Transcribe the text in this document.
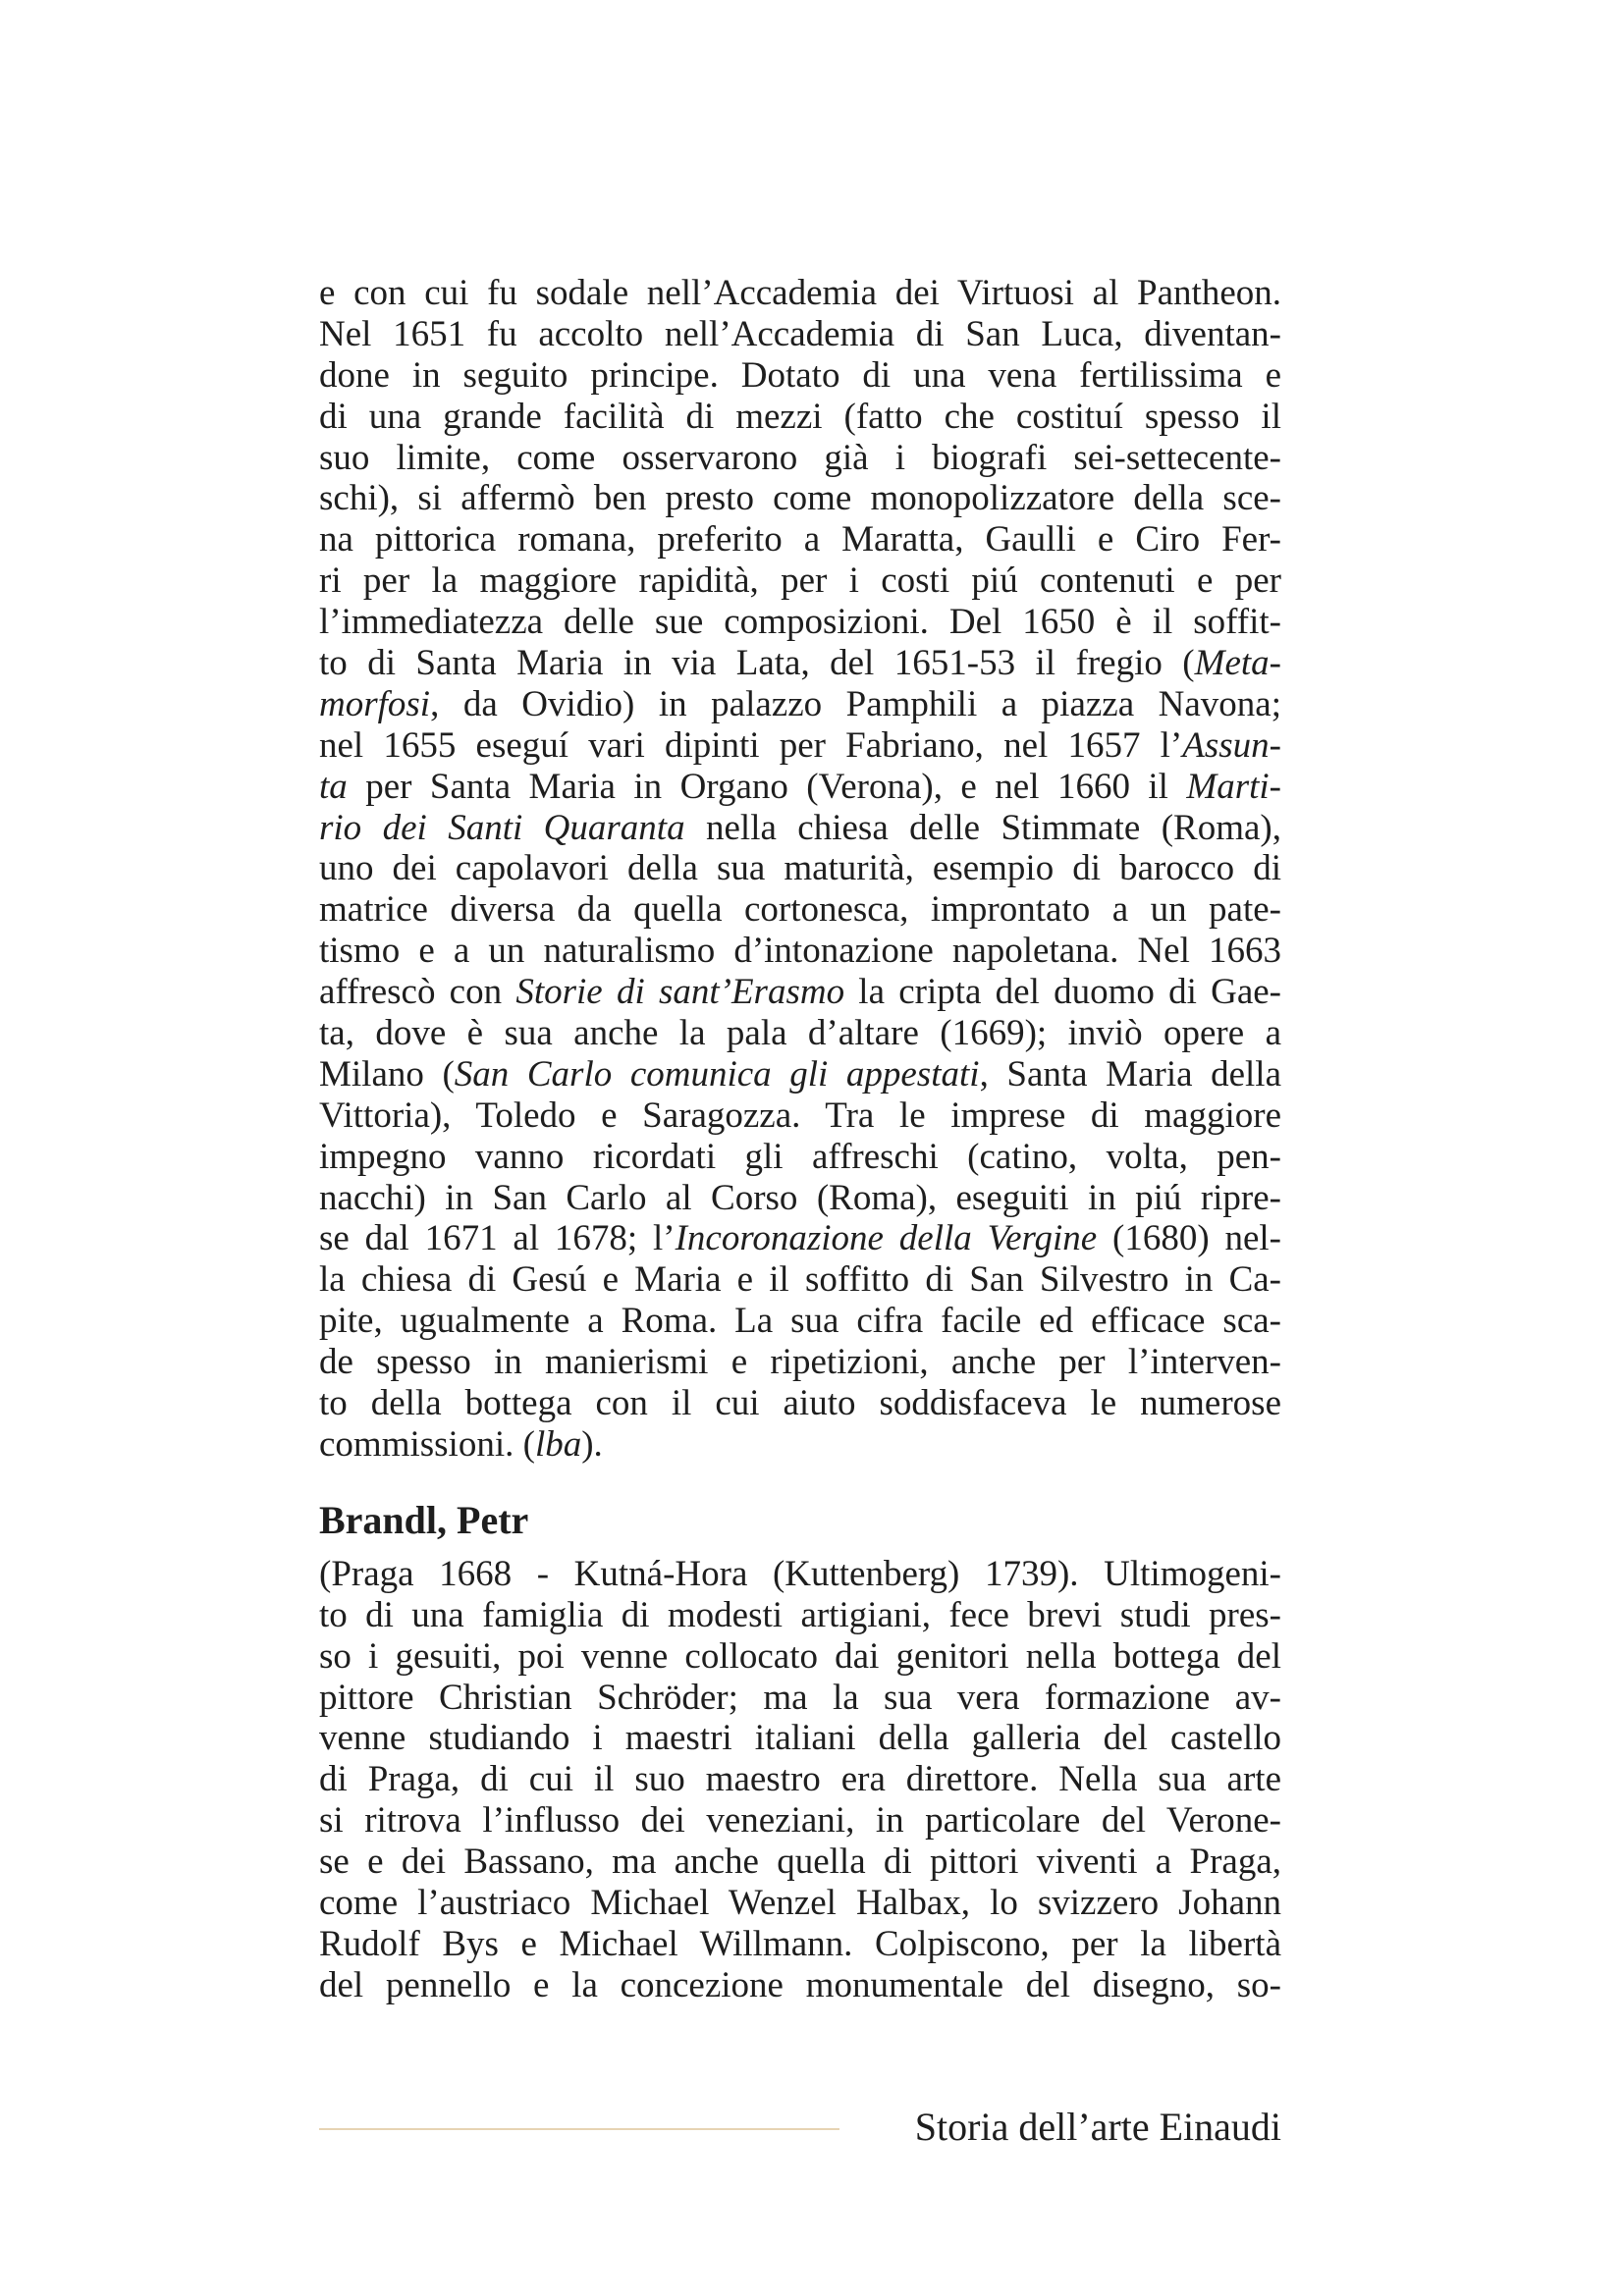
e con cui fu sodale nell’Accademia dei Virtuosi al Pantheon.
Nel 1651 fu accolto nell’Accademia di San Luca, diventan-
done in seguito principe. Dotato di una vena fertilissima e
di una grande facilità di mezzi (fatto che costituí spesso il
suo limite, come osservarono già i biografi sei-settecente-
schi), si affermò ben presto come monopolizzatore della sce-
na pittorica romana, preferito a Maratta, Gaulli e Ciro Fer-
ri per la maggiore rapidità, per i costi piú contenuti e per
l’immediatezza delle sue composizioni. Del 1650 è il soffit-
to di Santa Maria in via Lata, del 1651-53 il fregio (Meta-
morfosi, da Ovidio) in palazzo Pamphili a piazza Navona;
nel 1655 eseguí vari dipinti per Fabriano, nel 1657 l’Assun-
ta per Santa Maria in Organo (Verona), e nel 1660 il Marti-
rio dei Santi Quaranta nella chiesa delle Stimmate (Roma),
uno dei capolavori della sua maturità, esempio di barocco di
matrice diversa da quella cortonesca, improntato a un pate-
tismo e a un naturalismo d’intonazione napoletana. Nel 1663
affrescò con Storie di sant’Erasmo la cripta del duomo di Gae-
ta, dove è sua anche la pala d’altare (1669); inviò opere a
Milano (San Carlo comunica gli appestati, Santa Maria della
Vittoria), Toledo e Saragozza. Tra le imprese di maggiore
impegno vanno ricordati gli affreschi (catino, volta, pen-
nacchi) in San Carlo al Corso (Roma), eseguiti in piú ripre-
se dal 1671 al 1678; l’Incoronazione della Vergine (1680) nel-
la chiesa di Gesú e Maria e il soffitto di San Silvestro in Ca-
pite, ugualmente a Roma. La sua cifra facile ed efficace sca-
de spesso in manierismi e ripetizioni, anche per l’interven-
to della bottega con il cui aiuto soddisfaceva le numerose
commissioni. (lba).
Brandl, Petr
(Praga 1668 - Kutná-Hora (Kuttenberg) 1739). Ultimogeni-
to di una famiglia di modesti artigiani, fece brevi studi pres-
so i gesuiti, poi venne collocato dai genitori nella bottega del
pittore Christian Schröder; ma la sua vera formazione av-
venne studiando i maestri italiani della galleria del castello
di Praga, di cui il suo maestro era direttore. Nella sua arte
si ritrova l’influsso dei veneziani, in particolare del Verone-
se e dei Bassano, ma anche quella di pittori viventi a Praga,
come l’austriaco Michael Wenzel Halbax, lo svizzero Johann
Rudolf Bys e Michael Willmann. Colpiscono, per la libertà
del pennello e la concezione monumentale del disegno, so-
Storia dell’arte Einaudi
